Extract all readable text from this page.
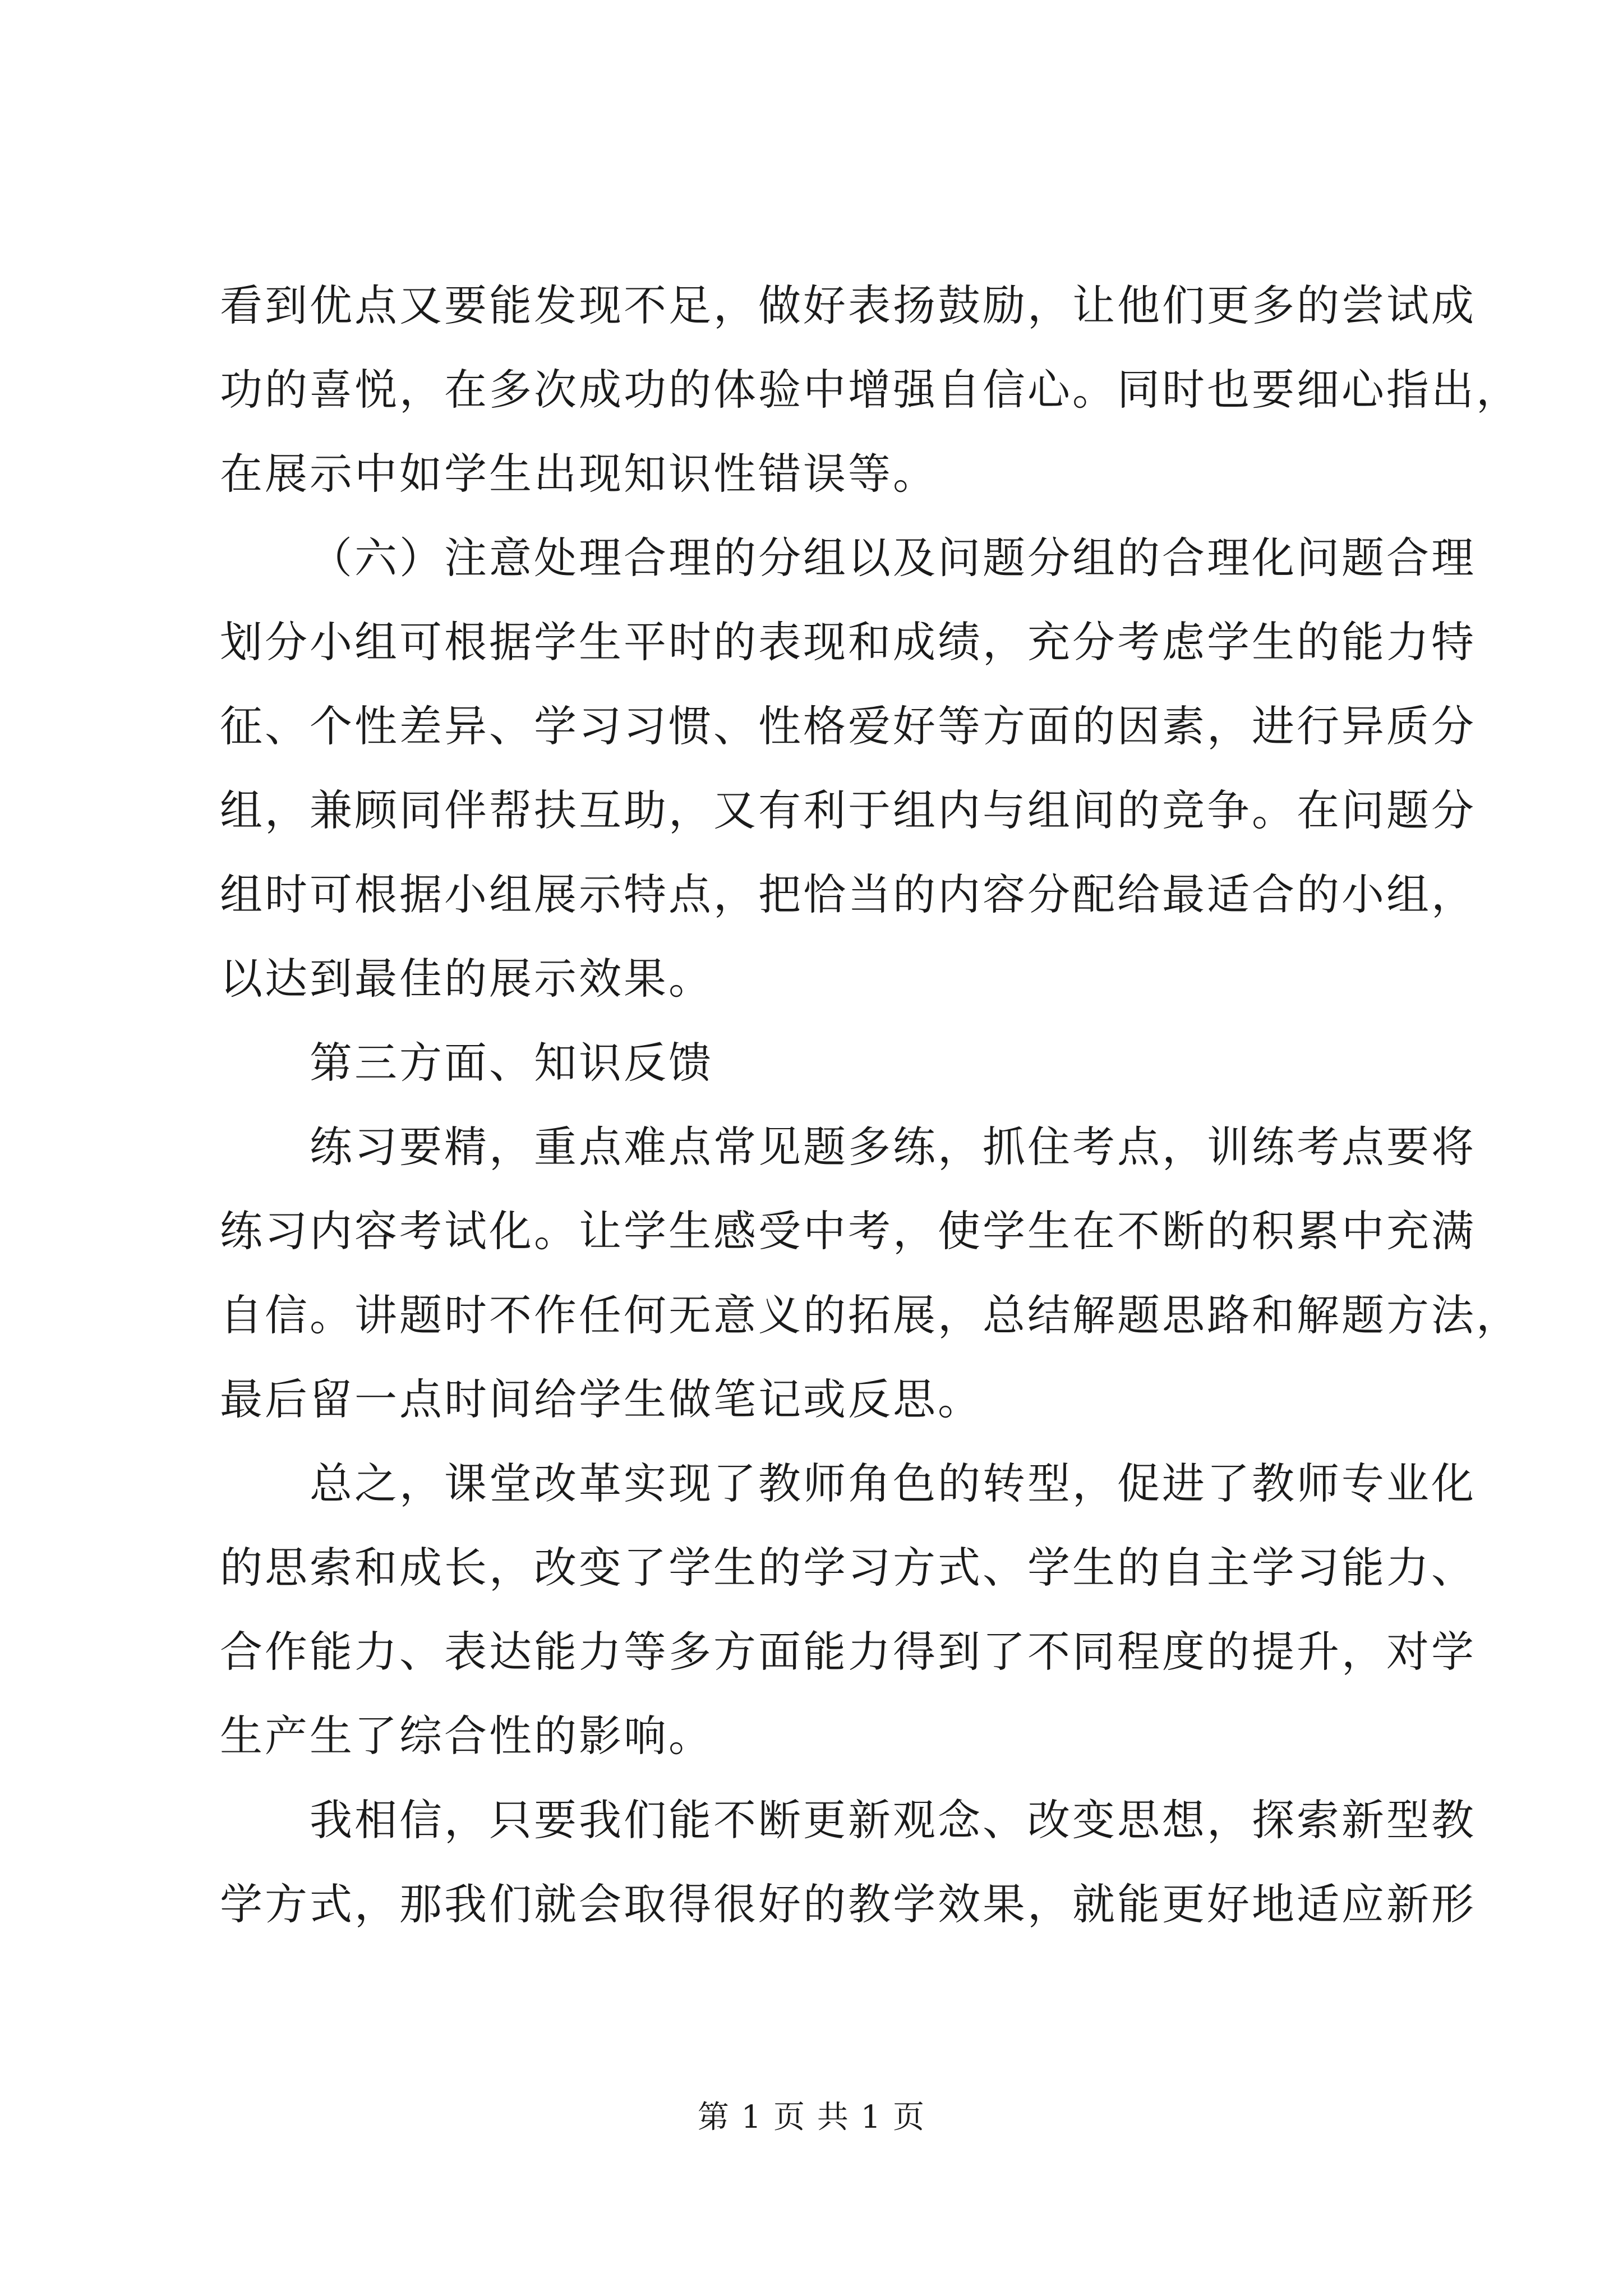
看到优点又要能发现不足，做好表扬鼓励，让他们更多的尝试成
功的喜悦，在多次成功的体验中增强自信心。同时也要细心指出，
在展示中如学生出现知识性错误等。

（六）注意处理合理的分组以及问题分组的合理化问题合理
划分小组可根据学生平时的表现和成绩，充分考虑学生的能力特
征、个性差异、学习习惯、性格爱好等方面的因素，进行异质分
组，兼顾同伴帮扶互助，又有利于组内与组间的竞争。在问题分
组时可根据小组展示特点，把恰当的内容分配给最适合的小组，
以达到最佳的展示效果。

第三方面、知识反馈

练习要精，重点难点常见题多练，抓住考点，训练考点要将
练习内容考试化。让学生感受中考，使学生在不断的积累中充满
自信。讲题时不作任何无意义的拓展，总结解题思路和解题方法，
最后留一点时间给学生做笔记或反思。

总之，课堂改革实现了教师角色的转型，促进了教师专业化
的思索和成长，改变了学生的学习方式、学生的自主学习能力、
合作能力、表达能力等多方面能力得到了不同程度的提升，对学
生产生了综合性的影响。

我相信，只要我们能不断更新观念、改变思想，探索新型教
学方式，那我们就会取得很好的教学效果，就能更好地适应新形

第 1 页 共 1 页
